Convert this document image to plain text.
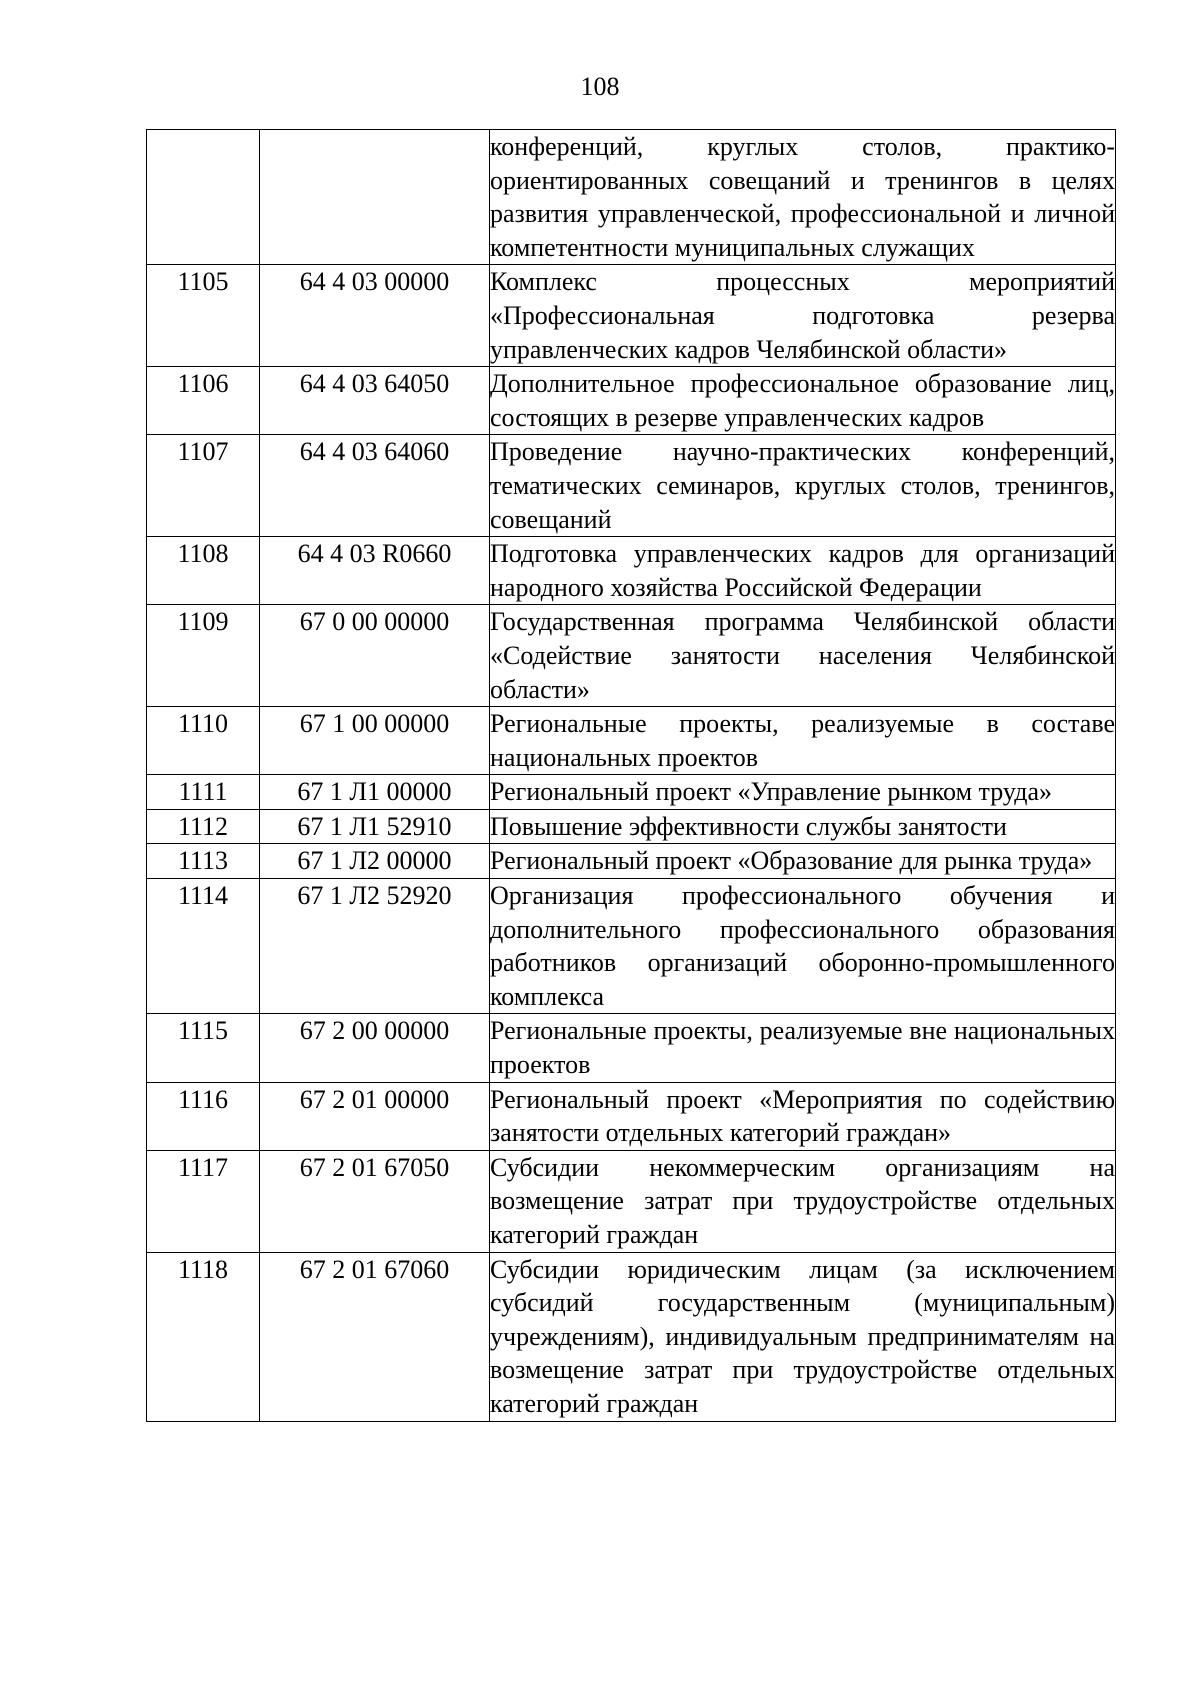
108
		конференций, круглых столов, практико-ориентированных совещаний и тренингов в целях развития управленческой, профессиональной и личной компетентности муниципальных служащих
1105	64 4 03 00000	Комплекс процессных мероприятий «Профессиональная подготовка резерва управленческих кадров Челябинской области»
1106	64 4 03 64050	Дополнительное профессиональное образование лиц, состоящих в резерве управленческих кадров
1107	64 4 03 64060	Проведение научно-практических конференций, тематических семинаров, круглых столов, тренингов, совещаний
1108	64 4 03 R0660	Подготовка управленческих кадров для организаций народного хозяйства Российской Федерации
1109	67 0 00 00000	Государственная программа Челябинской области «Содействие занятости населения Челябинской области»
1110	67 1 00 00000	Региональные проекты, реализуемые в составе национальных проектов
1111	67 1 Л1 00000	Региональный проект «Управление рынком труда»
1112	67 1 Л1 52910	Повышение эффективности службы занятости
1113	67 1 Л2 00000	Региональный проект «Образование для рынка труда»
1114	67 1 Л2 52920	Организация профессионального обучения и дополнительного профессионального образования работников организаций оборонно-промышленного комплекса
1115	67 2 00 00000	Региональные проекты, реализуемые вне национальных проектов
1116	67 2 01 00000	Региональный проект «Мероприятия по содействию занятости отдельных категорий граждан»
1117	67 2 01 67050	Субсидии некоммерческим организациям на возмещение затрат при трудоустройстве отдельных категорий граждан
1118	67 2 01 67060	Субсидии юридическим лицам (за исключением субсидий государственным (муниципальным) учреждениям), индивидуальным предпринимателям на возмещение затрат при трудоустройстве отдельных категорий граждан
